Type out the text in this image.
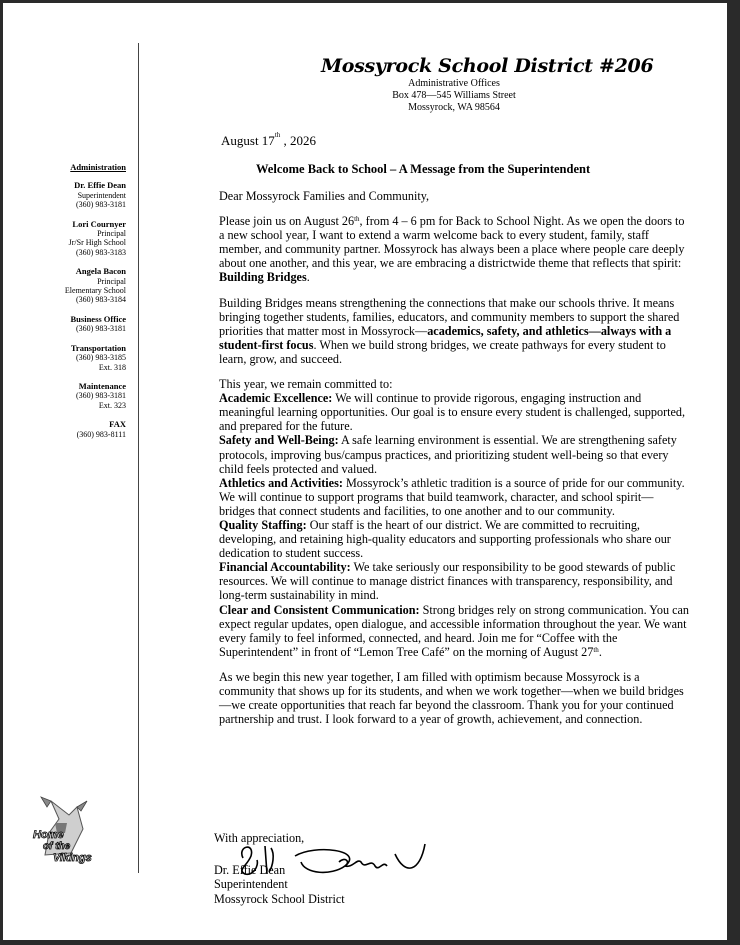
Mossyrock School District #206
Administrative Offices
Box 478—545 Williams Street
Mossyrock, WA 98564
Administration
Dr. Effie Dean
Superintendent
(360) 983-3181
Lori Cournyer
Principal
Jr/Sr High School
(360) 983-3183
Angela Bacon
Principal
Elementary School
(360) 983-3184
Business Office
(360) 983-3181
Transportation
(360) 983-3185
Ext. 318
Maintenance
(360) 983-3181
Ext. 323
FAX
(360) 983-8111
Home
of the
Vikings
August 17th , 2026
Welcome Back to School – A Message from the Superintendent

Dear Mossyrock Families and Community,

Please join us on August 26th, from 4 – 6 pm for Back to School Night. As we open the doors to a new school year, I want to extend a warm welcome back to every student, family, staff member, and community partner. Mossyrock has always been a place where people care deeply about one another, and this year, we are embracing a districtwide theme that reflects that spirit: Building Bridges.

Building Bridges means strengthening the connections that make our schools thrive. It means bringing together students, families, educators, and community members to support the shared priorities that matter most in Mossyrock—academics, safety, and athletics—always with a student-first focus. When we build strong bridges, we create pathways for every student to learn, grow, and succeed.

This year, we remain committed to:

Academic Excellence: We will continue to provide rigorous, engaging instruction and meaningful learning opportunities. Our goal is to ensure every student is challenged, supported, and prepared for the future.

Safety and Well-Being: A safe learning environment is essential. We are strengthening safety protocols, improving bus/campus practices, and prioritizing student well-being so that every child feels protected and valued.

Athletics and Activities: Mossyrock’s athletic tradition is a source of pride for our community. We will continue to support programs that build teamwork, character, and school spirit—bridges that connect students and facilities, to one another and to our community.

Quality Staffing: Our staff is the heart of our district. We are committed to recruiting, developing, and retaining high-quality educators and supporting professionals who share our dedication to student success.

Financial Accountability: We take seriously our responsibility to be good stewards of public resources. We will continue to manage district finances with transparency, responsibility, and long-term sustainability in mind.

Clear and Consistent Communication: Strong bridges rely on strong communication. You can expect regular updates, open dialogue, and accessible information throughout the year. We want every family to feel informed, connected, and heard. Join me for “Coffee with the Superintendent” in front of “Lemon Tree Café” on the morning of August 27th.

As we begin this new year together, I am filled with optimism because Mossyrock is a community that shows up for its students, and when we work together—when we build bridges—we create opportunities that reach far beyond the classroom. Thank you for your continued partnership and trust. I look forward to a year of growth, achievement, and connection.

With appreciation,
Dr. Effie Dean
Superintendent
Mossyrock School District
